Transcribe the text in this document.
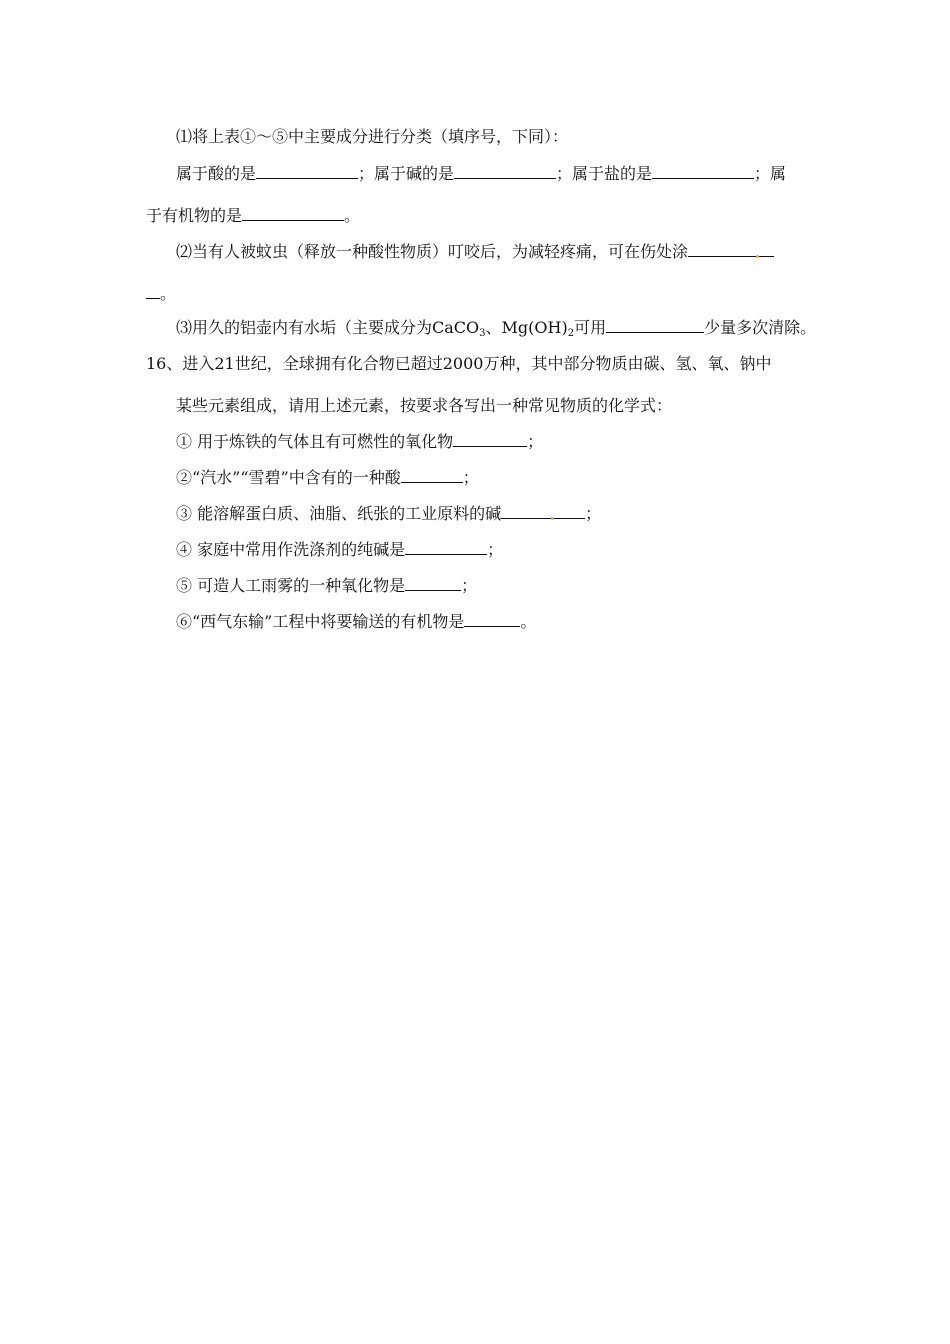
⑴将上表①～⑤中主要成分进行分类（填序号，下同）：
属于酸的是	；属于碱的是	；属于盐的是	；属
于有机物的是	。
⑵当有人被蚊虫（释放一种酸性物质）叮咬后，为减轻疼痛，可在伤处涂
。
⑶用久的铝壶内有水垢（主要成分为CaCO$_3$、$Mg(OH)_2$可用	少量多次清除。
16、进入21世纪，全球拥有化合物已超过2000万种，其中部分物质由碳、氢、氧、钠中
某些元素组成，请用上述元素，按要求各写出一种常见物质的化学式：
① 用于炼铁的气体且有可燃性的氧化物	；
②“汽水”“雪碧”中含有的一种酸	；
③ 能溶解蛋白质、油脂、纸张的工业原料的碱	；
④ 家庭中常用作洗涤剂的纯碱是	；
⑤ 可造人工雨雾的一种氧化物是	；
⑥“西气东输”工程中将要输送的有机物是	。
